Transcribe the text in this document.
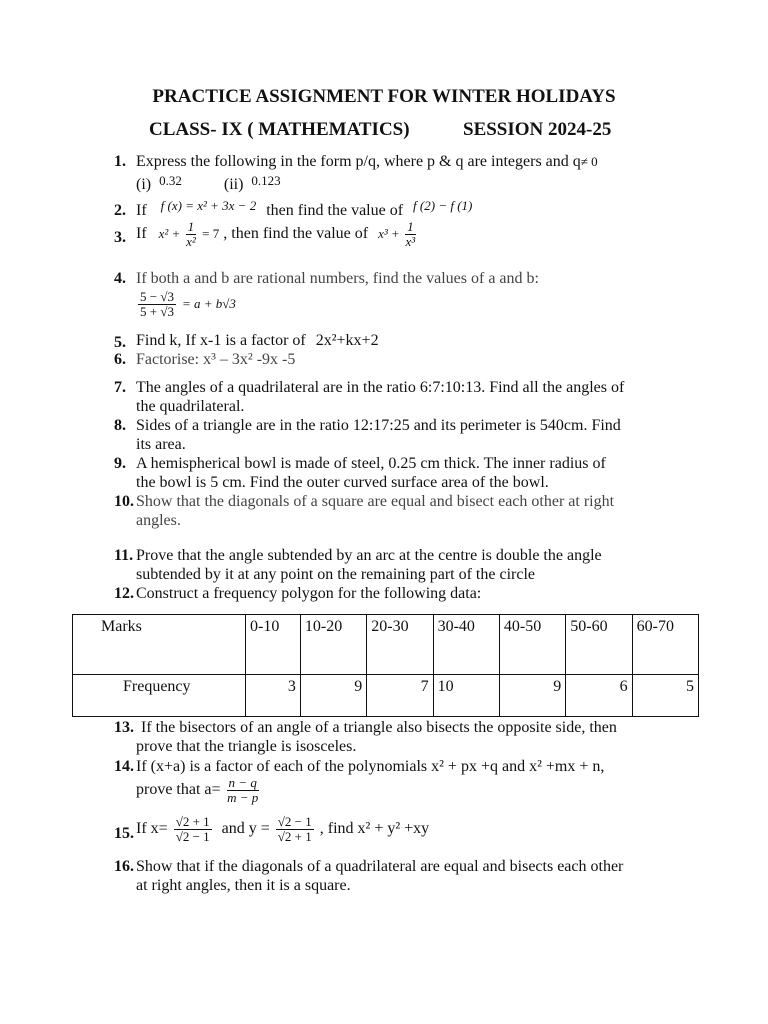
PRACTICE ASSIGNMENT FOR WINTER HOLIDAYS
CLASS- IX ( MATHEMATICS)	SESSION 2024-25
1. Express the following in the form p/q, where p & q are integers and q≠ 0
(i) $^{0.32}$	(ii) $^{0.123}$
2. If $^{f (x) = x^2 + 3x - 2}$ then find the value of $^{f (2) - f (1)}$
3. If $x^2 + \frac{1}{\text{x²}} = 7$ , then find the value of $x^3 + \frac{1}{\text{x³}}$
4. If both a and b are rational numbers, find the values of a and b:
$\frac{5 - √3}{5 + √3} = a + b√3$
5. Find k, If x-1 is a factor of 2x²+kx+2
6. Factorise: x³ – 3x² -9x -5
7. The angles of a quadrilateral are in the ratio 6:7:10:13. Find all the angles of
the quadrilateral.
8. Sides of a triangle are in the ratio 12:17:25 and its perimeter is 540cm. Find
its area.
9. A hemispherical bowl is made of steel, 0.25 cm thick. The inner radius of
the bowl is 5 cm. Find the outer curved surface area of the bowl.
10. Show that the diagonals of a square are equal and bisect each other at right
angles.
11. Prove that the angle subtended by an arc at the centre is double the angle
subtended by it at any point on the remaining part of the circle
12. Construct a frequency polygon for the following data:
Marks	0-10	10-20	20-30	30-40	40-50	50-60	60-70
Frequency	3	9	7	10	9	6	5
13. If the bisectors of an angle of a triangle also bisects the opposite side, then
prove that the triangle is isosceles.
14. If (x+a) is a factor of each of the polynomials x² + px +q and x² +mx + n,
prove that $a= \frac{n - q}{m - p}$
15. If $x= \frac{√2 + 1}{√2 - 1}$ and $y = \frac{√2 - 1}{√2 + 1}$ , find x² + y² +xy
16. Show that if the diagonals of a quadrilateral are equal and bisects each other
at right angles, then it is a square.
